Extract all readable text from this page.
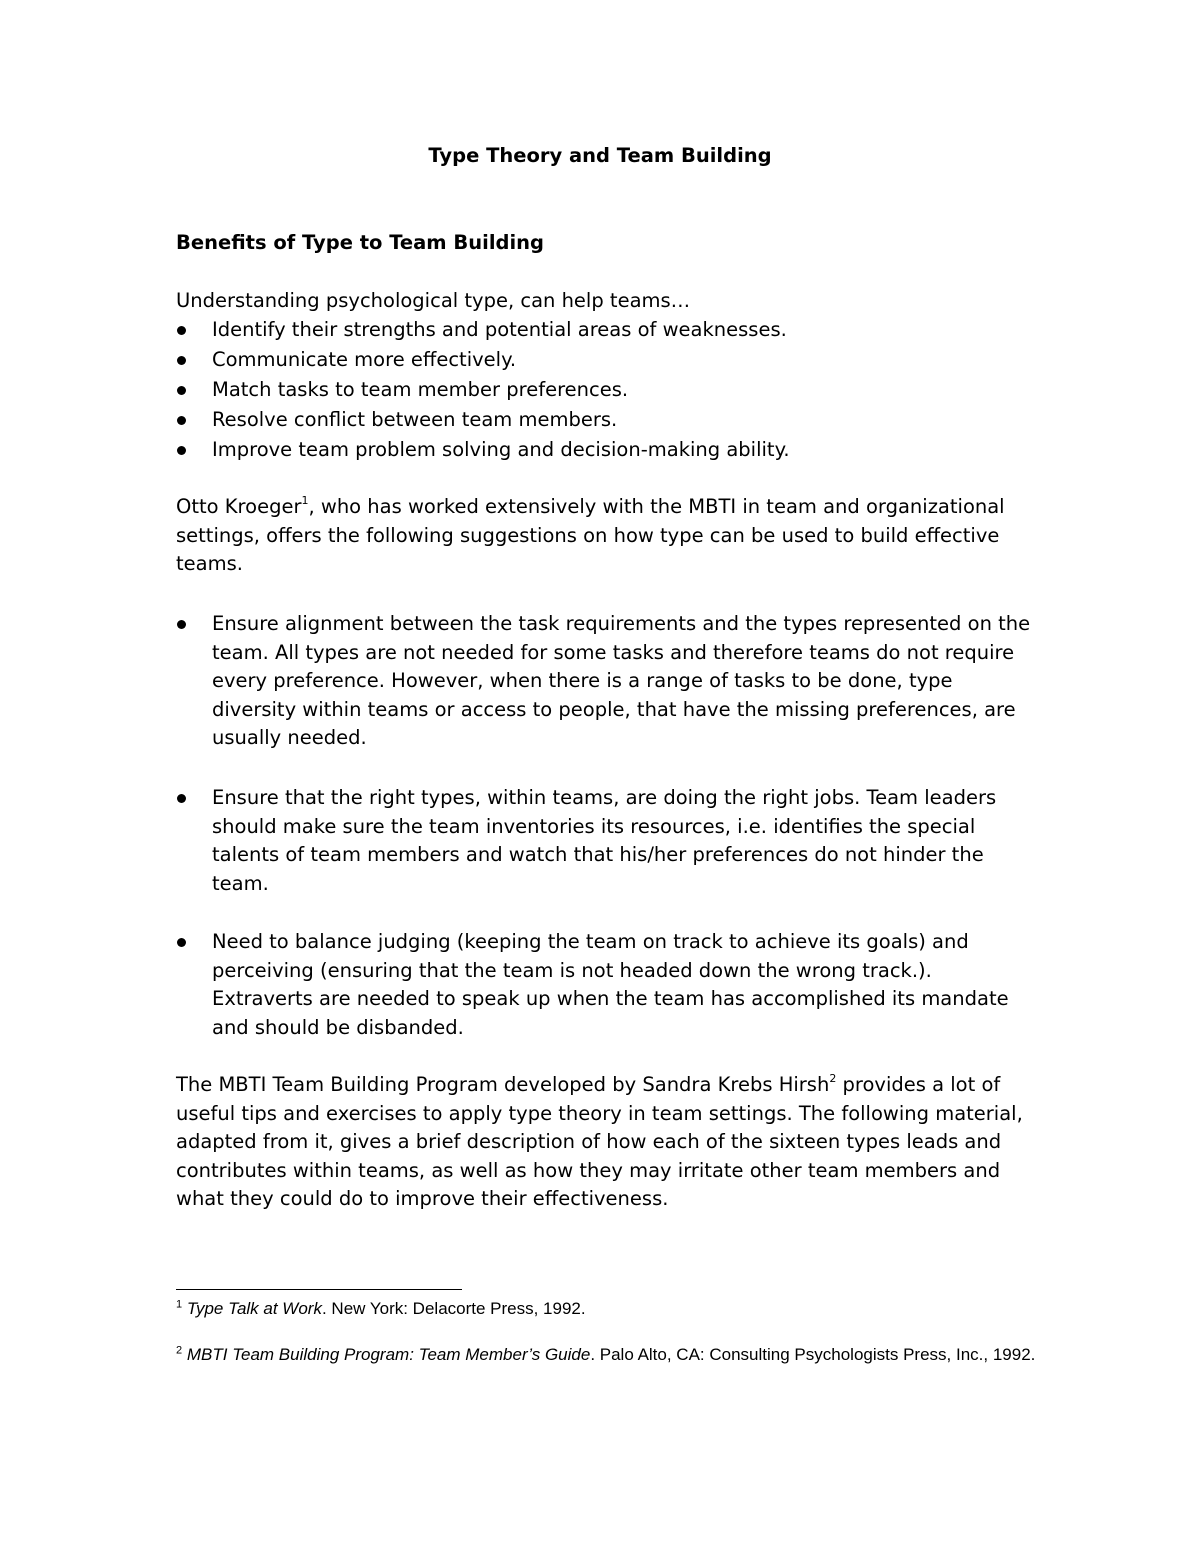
Type Theory and Team Building
Benefits of Type to Team Building
Understanding psychological type, can help teams…
Identify their strengths and potential areas of weaknesses.
Communicate more effectively.
Match tasks to team member preferences.
Resolve conflict between team members.
Improve team problem solving and decision-making ability.

Otto Kroeger$^1$, who has worked extensively with the MBTI in team and organizational settings, offers the following suggestions on how type can be used to build effective teams.

Ensure alignment between the task requirements and the types represented on the team. All types are not needed for some tasks and therefore teams do not require every preference. However, when there is a range of tasks to be done, type diversity within teams or access to people, that have the missing preferences, are usually needed.
Ensure that the right types, within teams, are doing the right jobs. Team leaders should make sure the team inventories its resources, i.e. identifies the special talents of team members and watch that his/her preferences do not hinder the team.
Need to balance judging (keeping the team on track to achieve its goals) and perceiving (ensuring that the team is not headed down the wrong track.). Extraverts are needed to speak up when the team has accomplished its mandate and should be disbanded.

The MBTI Team Building Program developed by Sandra Krebs Hirsh$^2$ provides a lot of useful tips and exercises to apply type theory in team settings. The following material, adapted from it, gives a brief description of how each of the sixteen types leads and contributes within teams, as well as how they may irritate other team members and what they could do to improve their effectiveness.

$^1$ Type Talk at Work. New York: Delacorte Press, 1992.
$^2$ MBTI Team Building Program: Team Member’s Guide. Palo Alto, CA: Consulting Psychologists Press, Inc., 1992.
